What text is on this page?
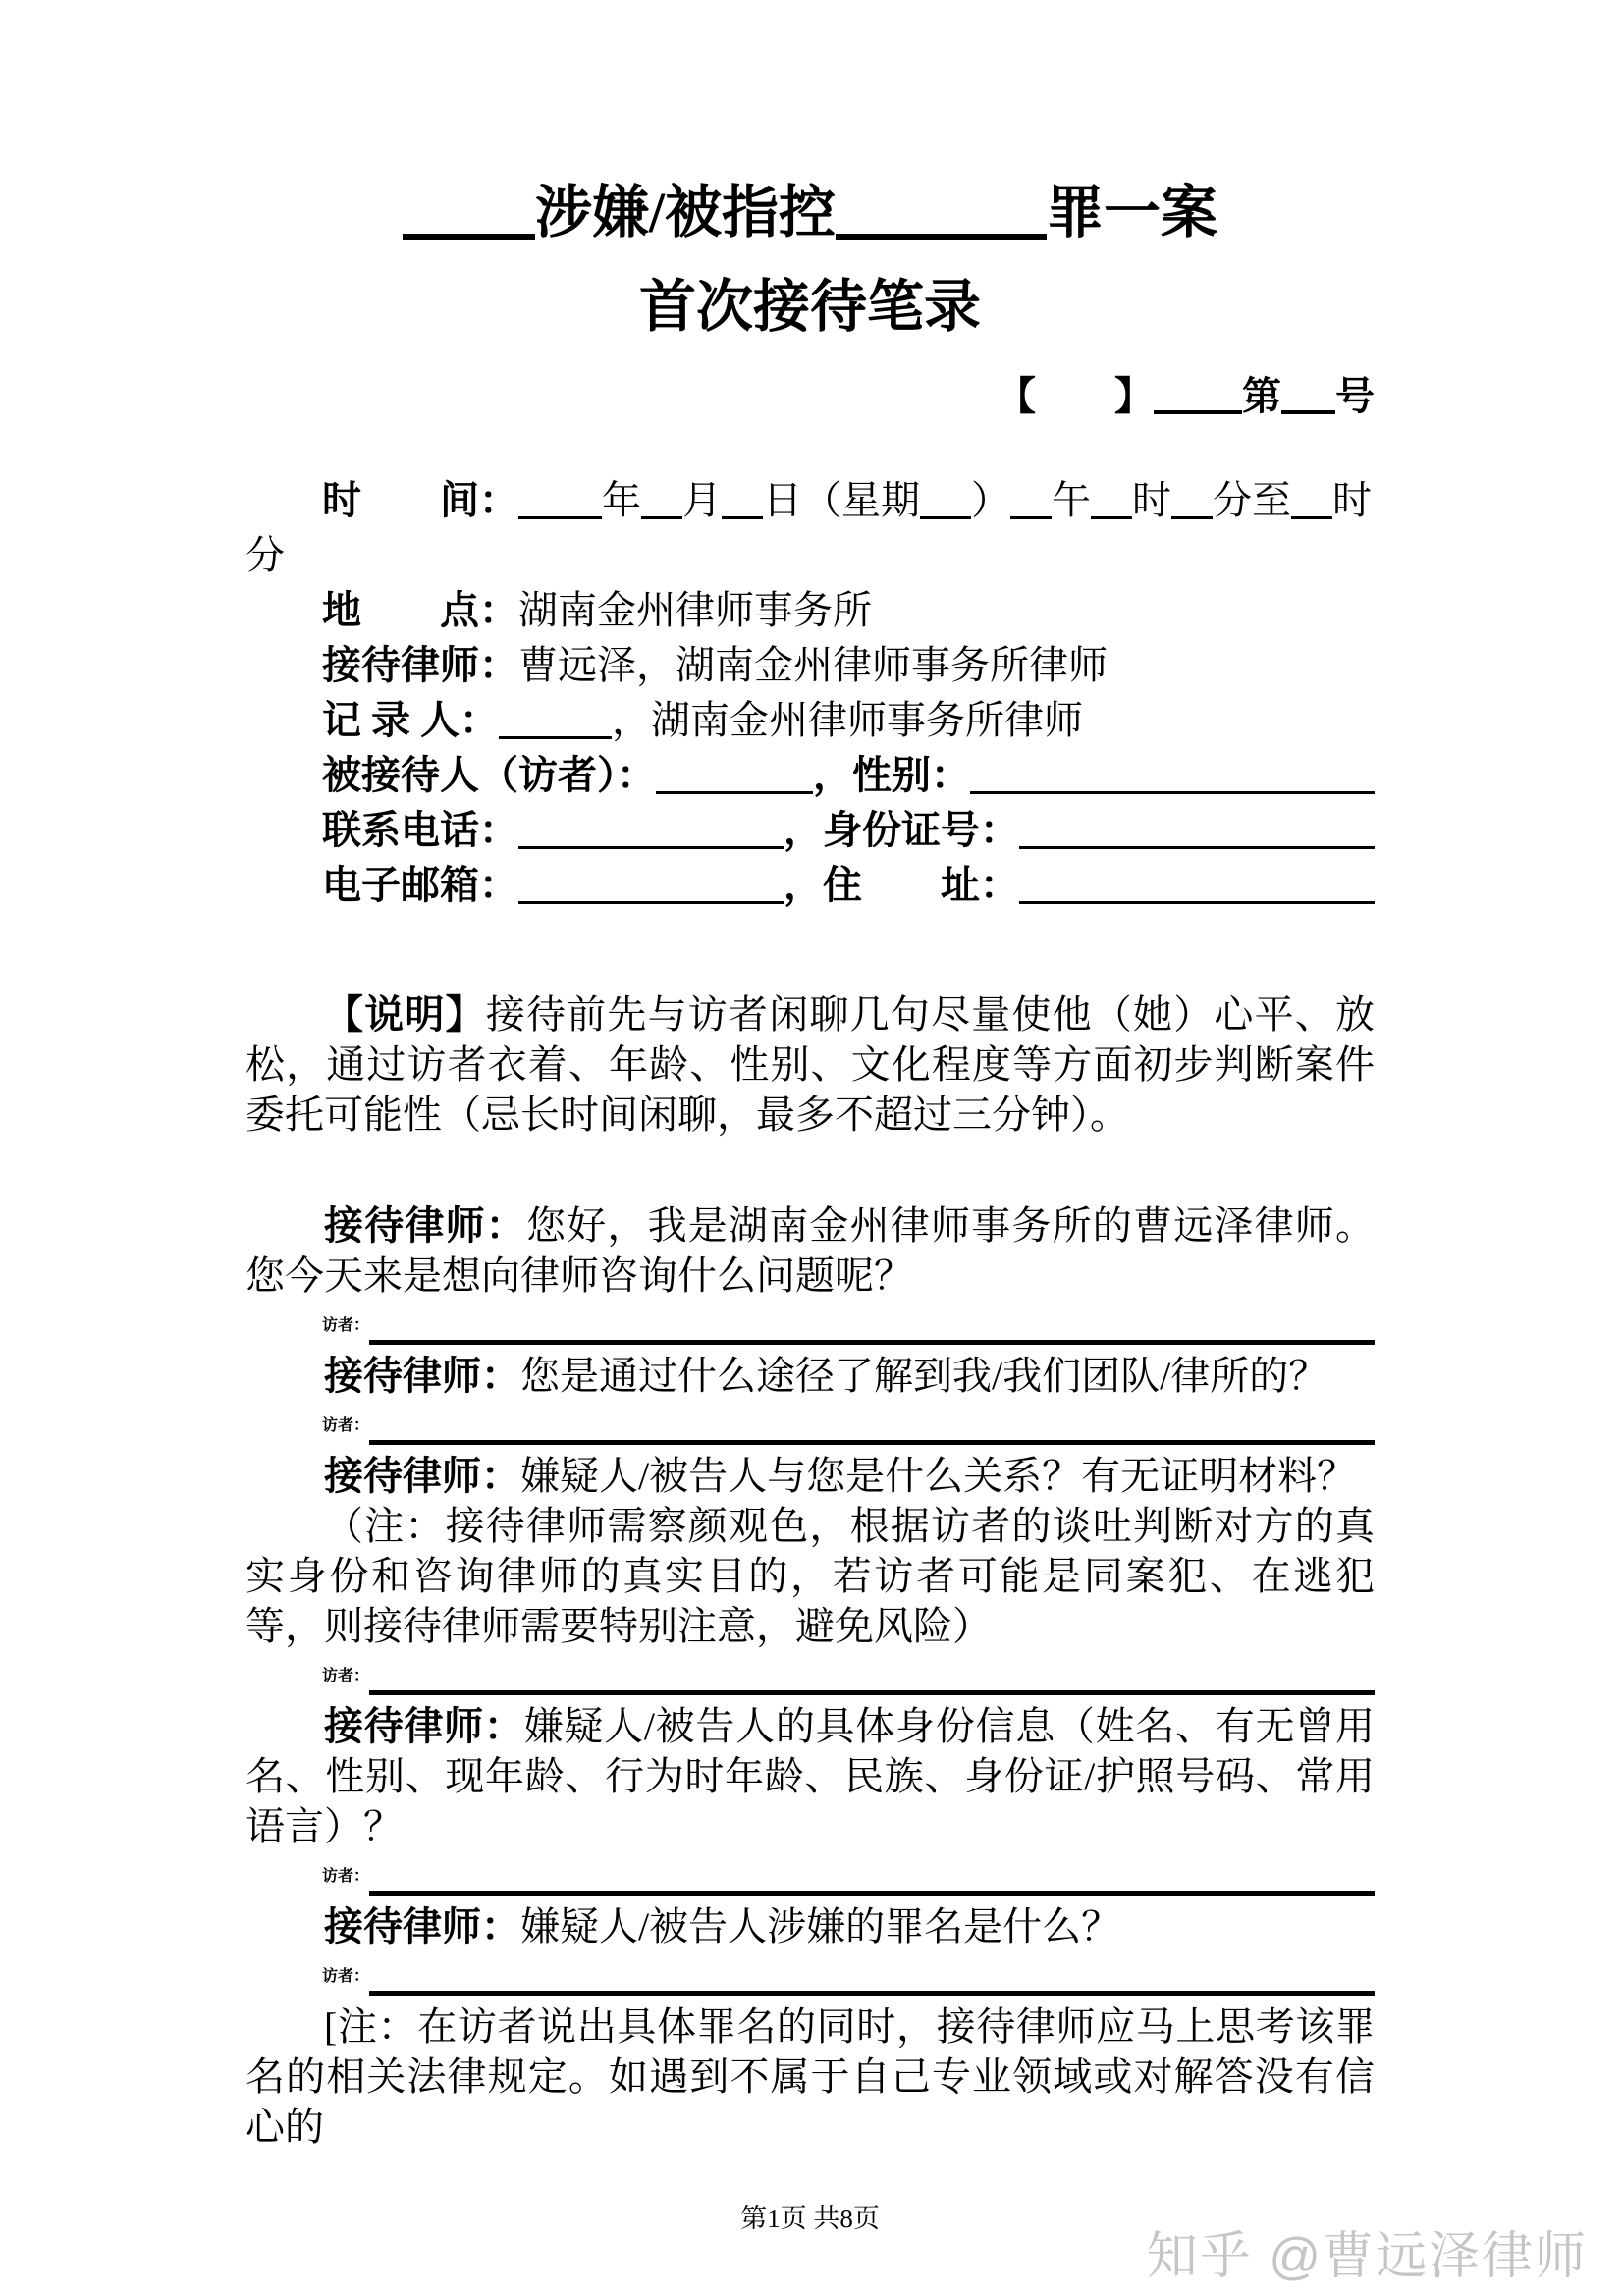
涉嫌/被指控	罪一案
首次接待笔录
【　　】 第 号
时　　间： 年 月 日（星期 ） 午 时 分至 时
分
地　　点： 湖南金州律师事务所
接待律师： 曹远泽，湖南金州律师事务所律师
记 录 人：	，湖南金州律师事务所律师
被接待人（访者）：	，性别：
联系电话：	，身份证号：
电子邮箱：	，住　　址：
【说明】接待前先与访者闲聊几句尽量使他（她）心平、放松，通过访者衣着、年龄、性别、文化程度等方面初步判断案件委托可能性（忌长时间闲聊，最多不超过三分钟）。
接待律师：您好，我是湖南金州律师事务所的曹远泽律师。您今天来是想向律师咨询什么问题呢？
访者：
接待律师：您是通过什么途径了解到我/我们团队/律所的？
访者：
接待律师：嫌疑人/被告人与您是什么关系？有无证明材料？
（注：接待律师需察颜观色，根据访者的谈吐判断对方的真实身份和咨询律师的真实目的，若访者可能是同案犯、在逃犯等，则接待律师需要特别注意，避免风险）
访者：
接待律师：嫌疑人/被告人的具体身份信息（姓名、有无曾用名、性别、现年龄、行为时年龄、民族、身份证/护照号码、常用语言）？
访者：
接待律师：嫌疑人/被告人涉嫌的罪名是什么？
访者：
[注：在访者说出具体罪名的同时，接待律师应马上思考该罪名的相关法律规定。如遇到不属于自己专业领域或对解答没有信心的
第1页 共8页
知乎 @曹远泽律师
